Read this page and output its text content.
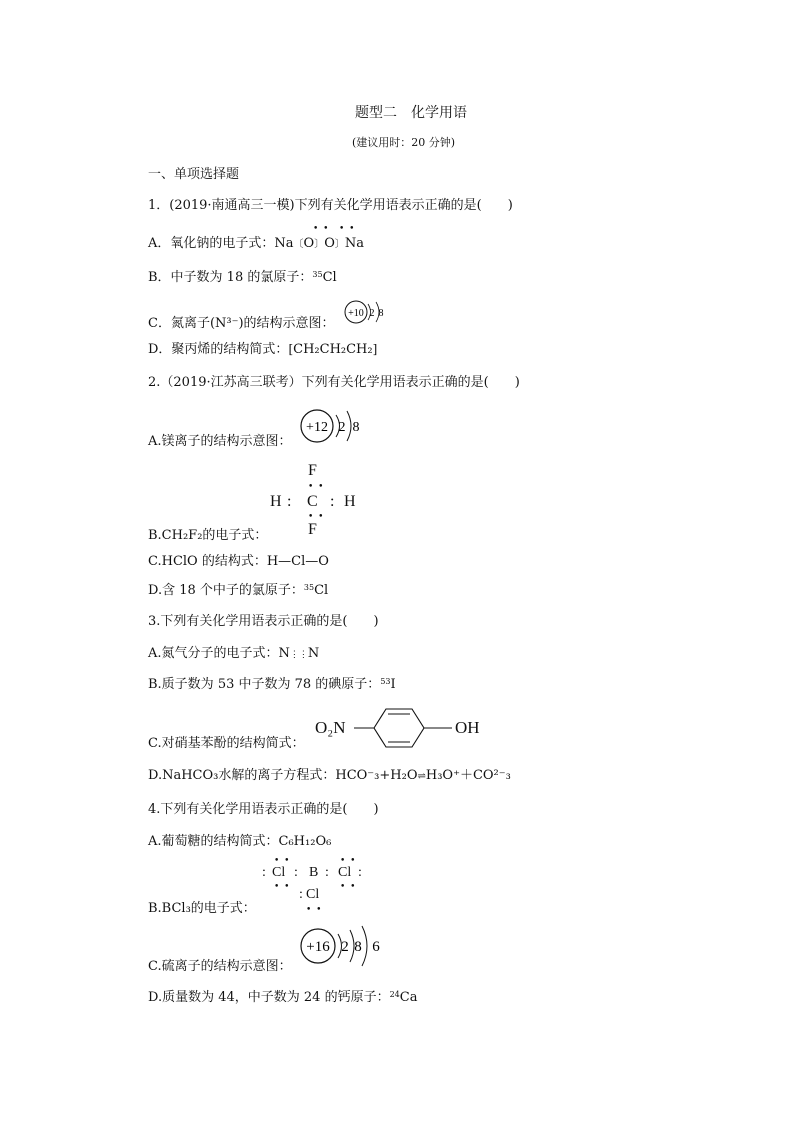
题型二　化学用语
(建议用时：20 分钟)
一、单项选择题
1．(2019·南通高三一模)下列有关化学用语表示正确的是(　　)
A．氧化钠的电子式：Na〔O〕O〕Na
• • • •
B．中子数为 18 的氯原子：$^{35}$Cl
C．氮离子(N³⁻)的结构示意图：
+10 2 8
D．聚丙烯的结构简式：[CH₂CH₂CH₂]
2.（2019·江苏高三联考）下列有关化学用语表示正确的是(　　)
A.镁离子的结构示意图：
+12 2 8
F
• •
H : C : H
• •
F
B.CH₂F₂的电子式：
C.HClO 的结构式：H—Cl—O
D.含 18 个中子的氯原子：$^{35}$Cl
3.下列有关化学用语表示正确的是(　　)
A.氮气分子的电子式：N⋮⋮N
B.质子数为 53 中子数为 78 的碘原子：$^{53}$I
O₂N	OH
C.对硝基苯酚的结构简式：
D.NaHCO₃水解的离子方程式：HCO⁻₃+H₂O⇌H₃O⁺＋CO²⁻₃
4.下列有关化学用语表示正确的是(　　)
A.葡萄糖的结构简式：C₆H₁₂O₆
• •	• •
: Cl : B : Cl :
• •	• •
: Cl
• •
B.BCl₃的电子式：
+16 2 8 6
C.硫离子的结构示意图：
D.质量数为 44，中子数为 24 的钙原子：$^{24}$Ca
